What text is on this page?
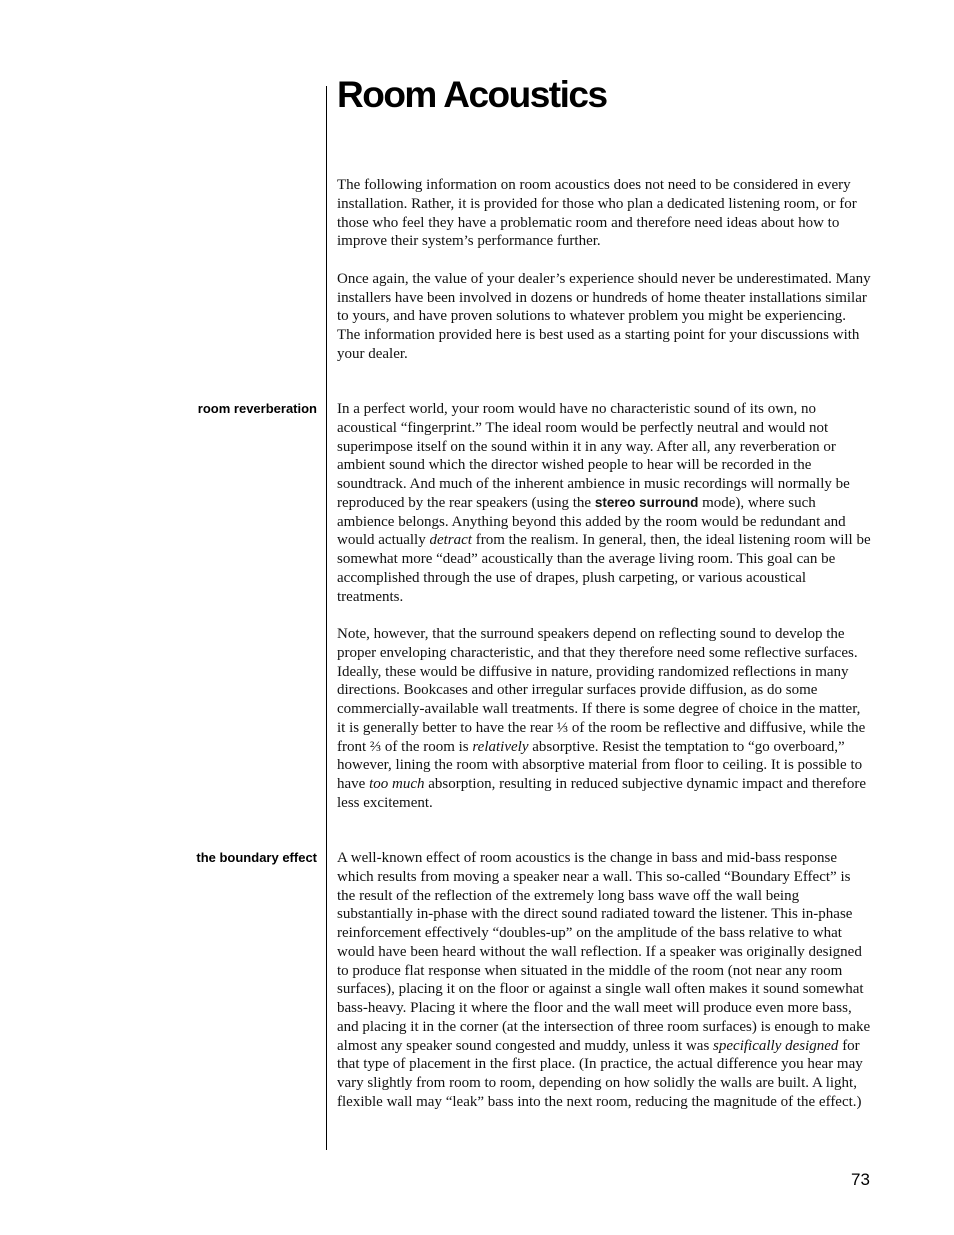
Room Acoustics

The following information on room acoustics does not need to be considered in every installation. Rather, it is provided for those who plan a dedicated listening room, or for those who feel they have a problematic room and therefore need ideas about how to improve their system’s performance further.

Once again, the value of your dealer’s experience should never be underestimated. Many installers have been involved in dozens or hundreds of home theater installations similar to yours, and have proven solutions to whatever problem you might be experiencing. The information provided here is best used as a starting point for your discussions with your dealer.

room reverberation In a perfect world, your room would have no characteristic sound of its own, no acoustical “fingerprint.” The ideal room would be perfectly neutral and would not superimpose itself on the sound within it in any way. After all, any reverberation or ambient sound which the director wished people to hear will be recorded in the soundtrack. And much of the inherent ambience in music recordings will normally be reproduced by the rear speakers (using the stereo surround mode), where such ambience belongs. Anything beyond this added by the room would be redundant and would actually detract from the realism. In general, then, the ideal listening room will be somewhat more “dead” acoustically than the average living room. This goal can be accomplished through the use of drapes, plush carpeting, or various acoustical treatments.

Note, however, that the surround speakers depend on reflecting sound to develop the proper enveloping characteristic, and that they therefore need some reflective surfaces. Ideally, these would be diffusive in nature, providing randomized reflections in many directions. Bookcases and other irregular surfaces provide diffusion, as do some commercially-available wall treatments. If there is some degree of choice in the matter, it is generally better to have the rear ⅓ of the room be reflective and diffusive, while the front ⅔ of the room is relatively absorptive. Resist the temptation to “go overboard,” however, lining the room with absorptive material from floor to ceiling. It is possible to have too much absorption, resulting in reduced subjective dynamic impact and therefore less excitement.

the boundary effect A well-known effect of room acoustics is the change in bass and mid-bass response which results from moving a speaker near a wall. This so-called “Boundary Effect” is the result of the reflection of the extremely long bass wave off the wall being substantially in-phase with the direct sound radiated toward the listener. This in-phase reinforcement effectively “doubles-up” on the amplitude of the bass relative to what would have been heard without the wall reflection. If a speaker was originally designed to produce flat response when situated in the middle of the room (not near any room surfaces), placing it on the floor or against a single wall often makes it sound somewhat bass-heavy. Placing it where the floor and the wall meet will produce even more bass, and placing it in the corner (at the intersection of three room surfaces) is enough to make almost any speaker sound congested and muddy, unless it was specifically designed for that type of placement in the first place. (In practice, the actual difference you hear may vary slightly from room to room, depending on how solidly the walls are built. A light, flexible wall may “leak” bass into the next room, reducing the magnitude of the effect.)

73
